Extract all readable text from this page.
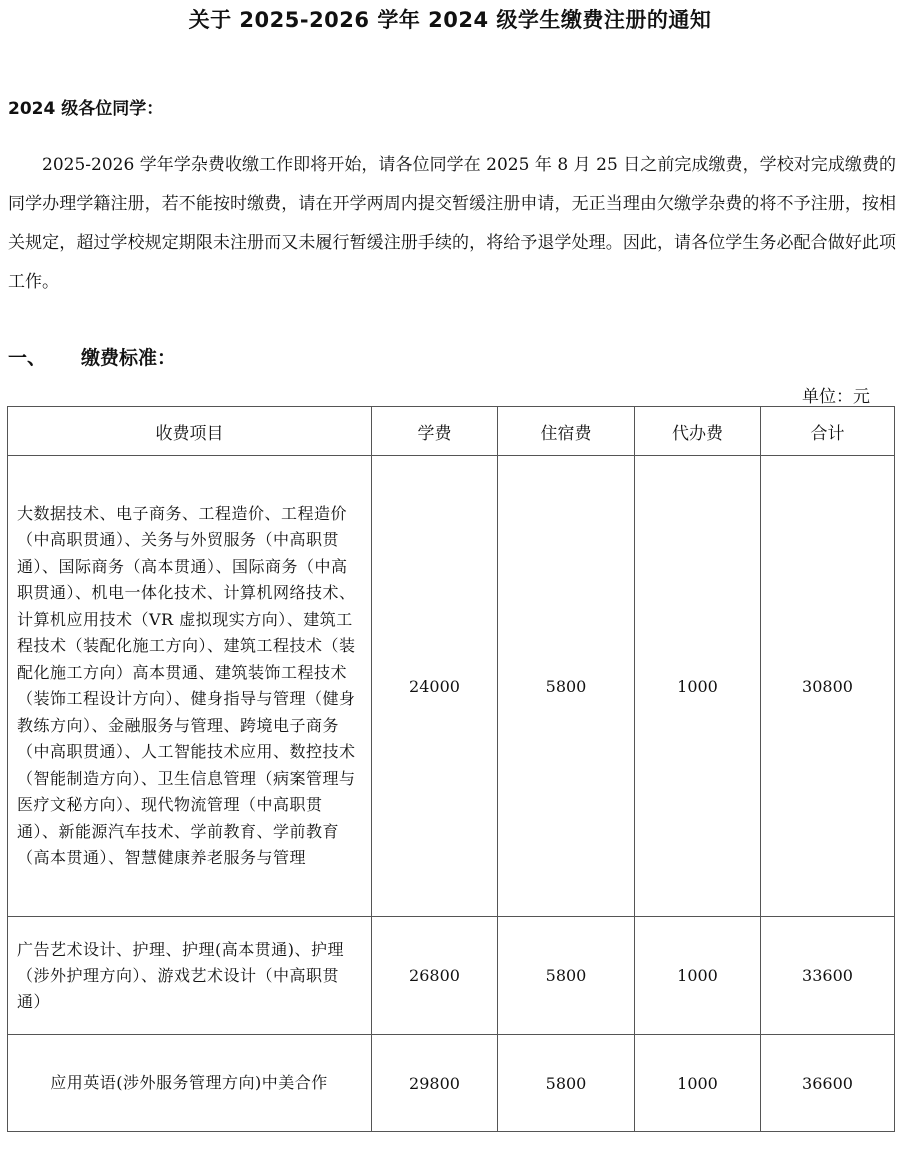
关于 2025-2026 学年 2024 级学生缴费注册的通知
2024 级各位同学：
2025-2026 学年学杂费收缴工作即将开始，请各位同学在 2025 年 8 月 25 日之前完成缴费，学校对完成缴费的同学办理学籍注册，若不能按时缴费，请在开学两周内提交暂缓注册申请，无正当理由欠缴学杂费的将不予注册，按相关规定，超过学校规定期限未注册而又未履行暂缓注册手续的，将给予退学处理。因此，请各位学生务必配合做好此项工作。
一、 缴费标准：
单位：元
收费项目	学费	住宿费	代办费	合计
大数据技术、电子商务、工程造价、工程造价（中高职贯通）、关务与外贸服务（中高职贯通）、国际商务（高本贯通）、国际商务（中高职贯通）、机电一体化技术、计算机网络技术、计算机应用技术（VR 虚拟现实方向）、建筑工程技术（装配化施工方向）、建筑工程技术（装配化施工方向）高本贯通、建筑装饰工程技术（装饰工程设计方向）、健身指导与管理（健身教练方向）、金融服务与管理、跨境电子商务（中高职贯通）、人工智能技术应用、数控技术（智能制造方向）、卫生信息管理（病案管理与医疗文秘方向）、现代物流管理（中高职贯通）、新能源汽车技术、学前教育、学前教育（高本贯通）、智慧健康养老服务与管理	24000	5800	1000	30800
广告艺术设计、护理、护理(高本贯通)、护理（涉外护理方向）、游戏艺术设计（中高职贯通）	26800	5800	1000	33600
应用英语(涉外服务管理方向)中美合作	29800	5800	1000	36600
